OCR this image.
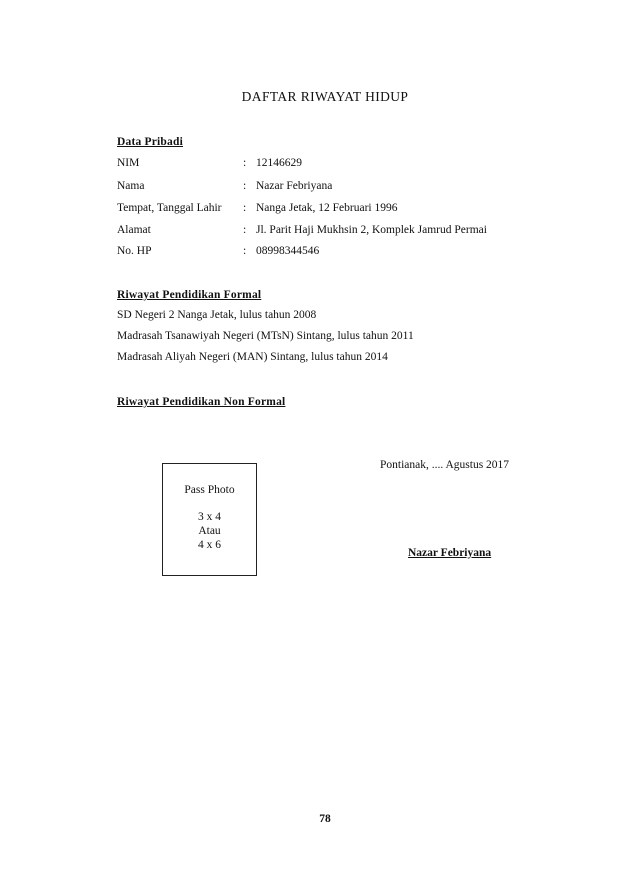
DAFTAR RIWAYAT HIDUP
Data Pribadi
NIM	: 12146629
Nama	: Nazar Febriyana
Tempat, Tanggal Lahir : Nanga Jetak, 12 Februari 1996
Alamat	: Jl. Parit Haji Mukhsin 2, Komplek Jamrud Permai
No. HP	: 08998344546
Riwayat Pendidikan Formal
SD Negeri 2 Nanga Jetak, lulus tahun 2008
Madrasah Tsanawiyah Negeri (MTsN) Sintang, lulus tahun 2011
Madrasah Aliyah Negeri (MAN) Sintang, lulus tahun 2014
Riwayat Pendidikan Non Formal
Pass Photo
3 x 4
Atau
4 x 6
Pontianak, .... Agustus 2017
Nazar Febriyana
78
